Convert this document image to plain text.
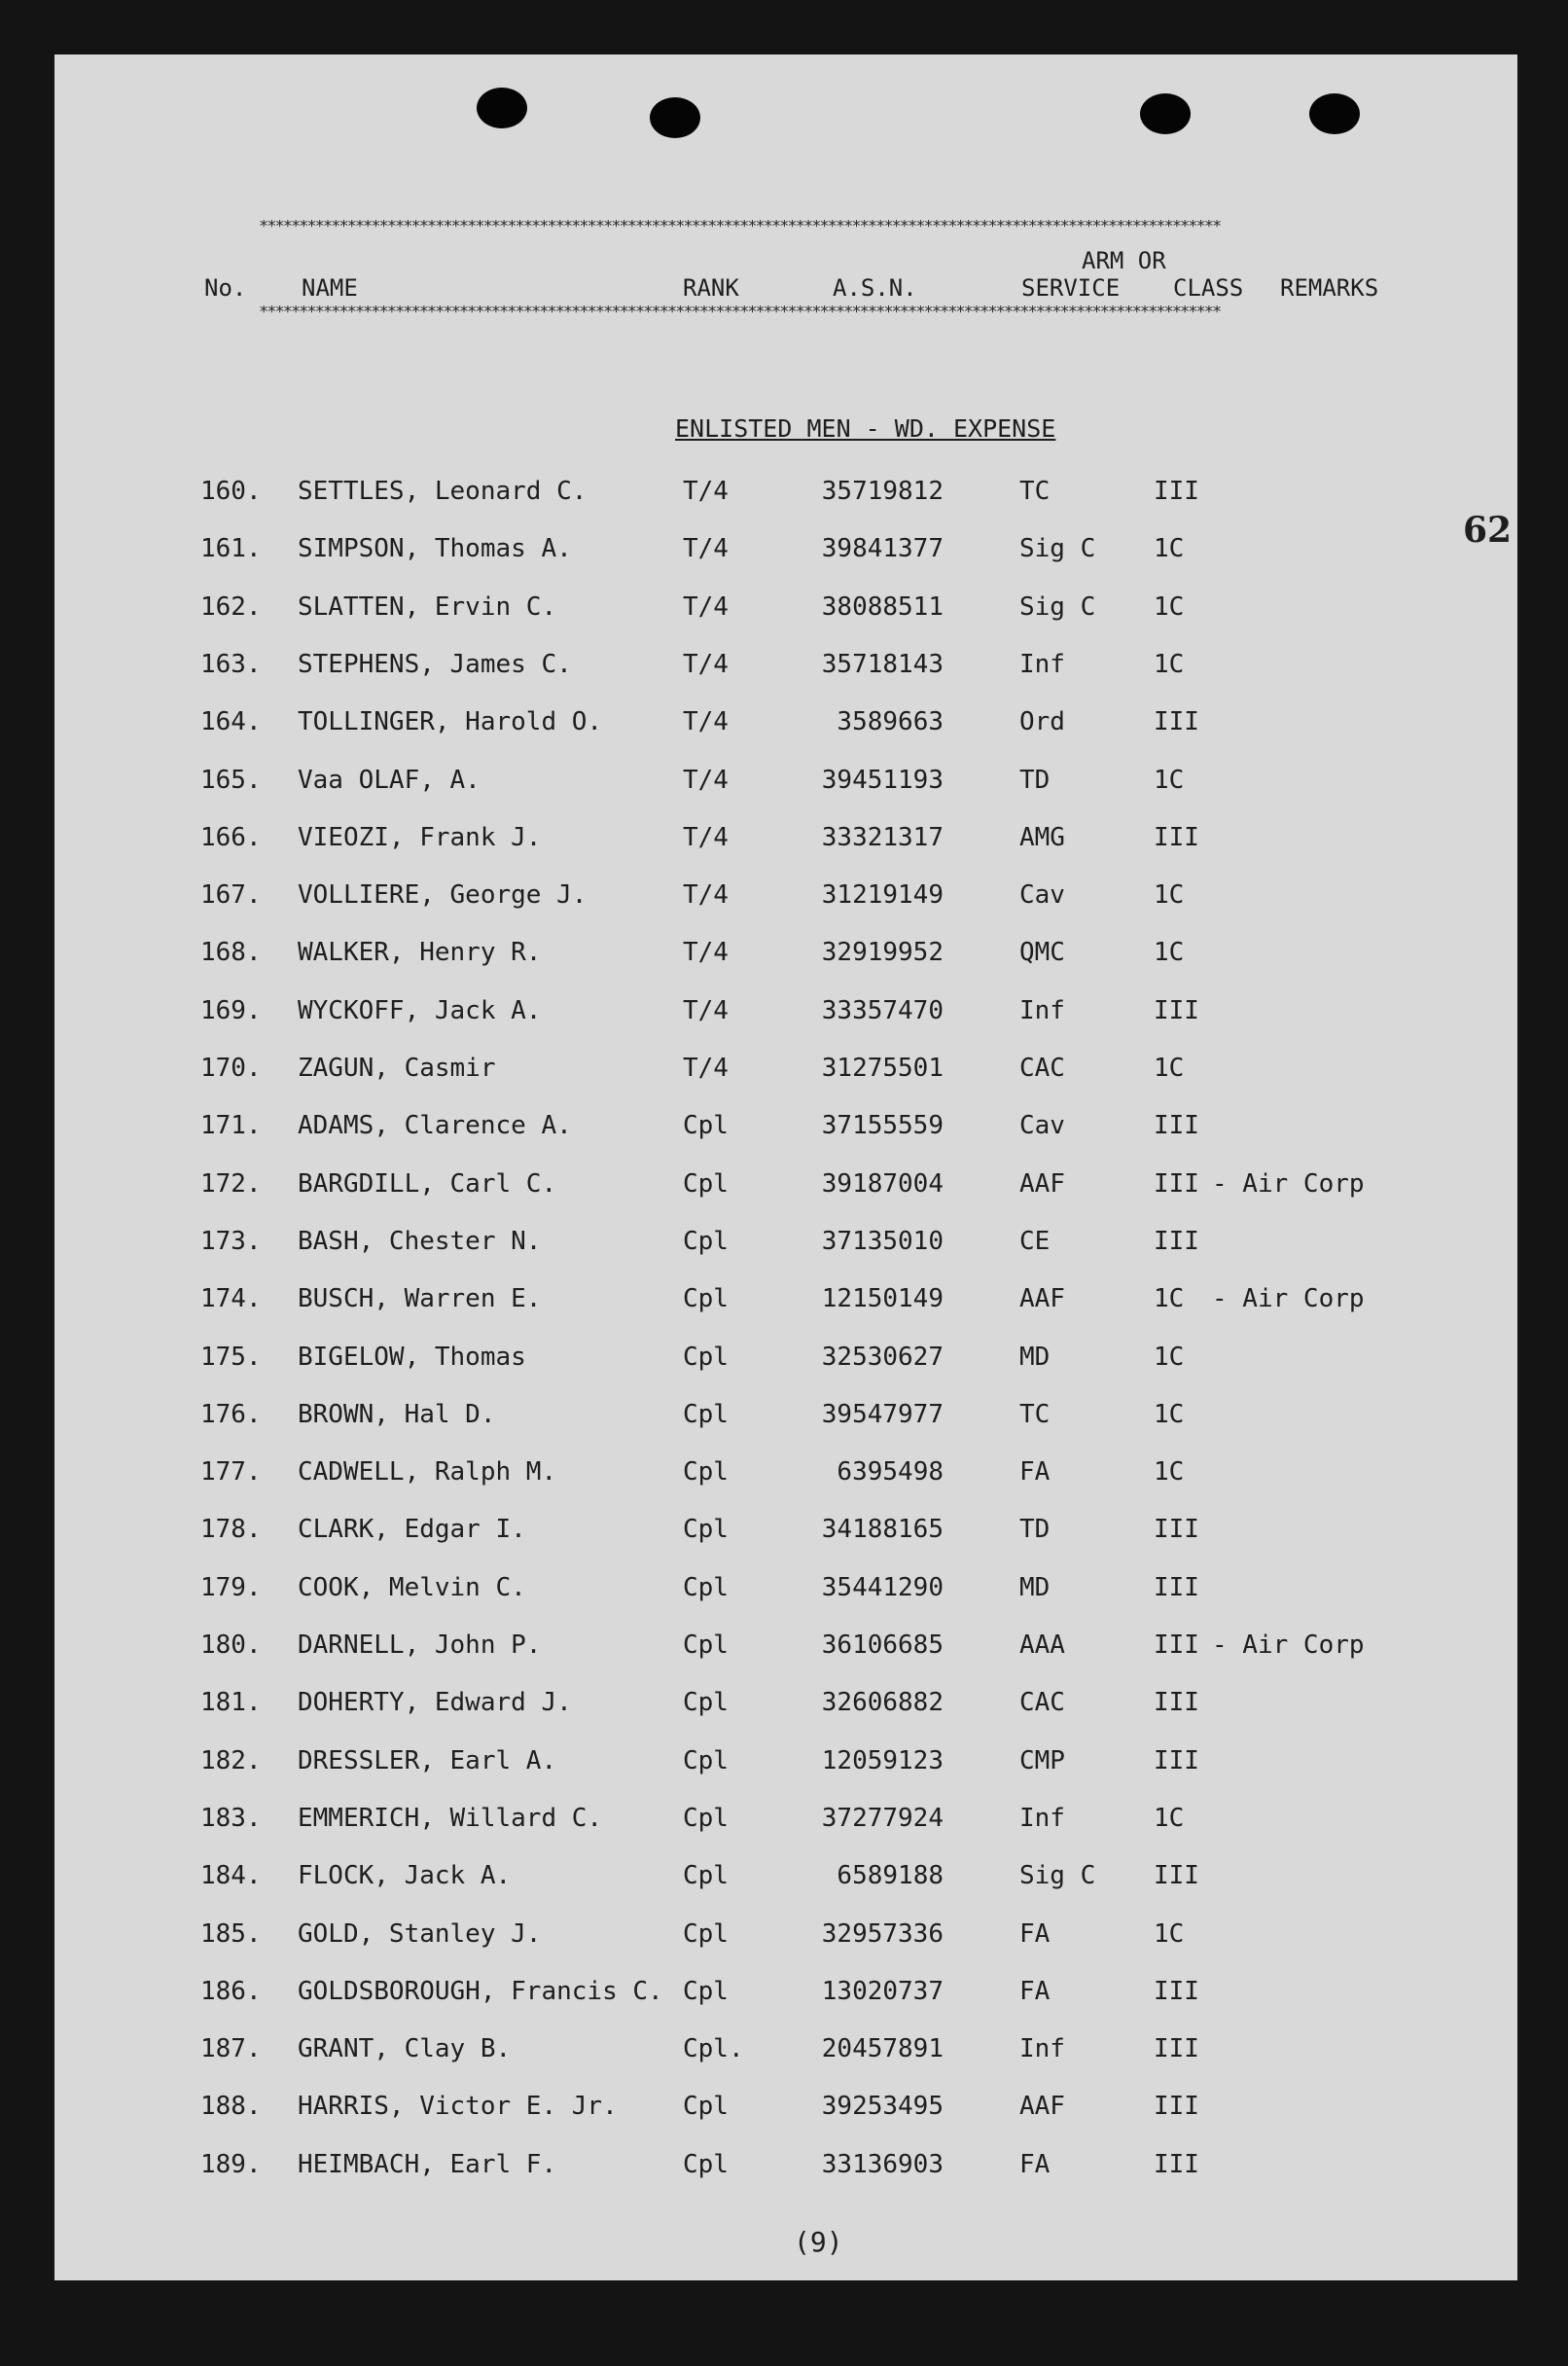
************************************************************************************************************************
ARM OR
No. NAME	RANK	A.S.N.	SERVICE CLASS REMARKS
************************************************************************************************************************
ENLISTED MEN - WD. EXPENSE
62
160. SETTLES, Leonard C.	T/4	35719812	TC	III
161. SIMPSON, Thomas A.	T/4	39841377	Sig C 1C
162. SLATTEN, Ervin C.	T/4	38088511	Sig C 1C
163. STEPHENS, James C.	T/4	35718143	Inf	1C
164. TOLLINGER, Harold O.	T/4	3589663	Ord	III
165. Vaa OLAF, A.	T/4	39451193	TD	1C
166. VIEOZI, Frank J.	T/4	33321317	AMG	III
167. VOLLIERE, George J.	T/4	31219149	Cav	1C
168. WALKER, Henry R.	T/4	32919952	QMC	1C
169. WYCKOFF, Jack A.	T/4	33357470	Inf	III
170. ZAGUN, Casmir	T/4	31275501	CAC	1C
171. ADAMS, Clarence A.	Cpl	37155559	Cav	III
172. BARGDILL, Carl C.	Cpl	39187004	AAF	III - Air Corp
173. BASH, Chester N.	Cpl	37135010	CE	III
174. BUSCH, Warren E.	Cpl	12150149	AAF	1C - Air Corp
175. BIGELOW, Thomas	Cpl	32530627	MD	1C
176. BROWN, Hal D.	Cpl	39547977	TC	1C
177. CADWELL, Ralph M.	Cpl	6395498	FA	1C
178. CLARK, Edgar I.	Cpl	34188165	TD	III
179. COOK, Melvin C.	Cpl	35441290	MD	III
180. DARNELL, John P.	Cpl	36106685	AAA	III - Air Corp
181. DOHERTY, Edward J.	Cpl	32606882	CAC	III
182. DRESSLER, Earl A.	Cpl	12059123	CMP	III
183. EMMERICH, Willard C.	Cpl	37277924	Inf	1C
184. FLOCK, Jack A.	Cpl	6589188	Sig C III
185. GOLD, Stanley J.	Cpl	32957336	FA	1C
186. GOLDSBOROUGH, Francis C. Cpl	13020737	FA	III
187. GRANT, Clay B.	Cpl.	20457891	Inf	III
188. HARRIS, Victor E. Jr.	Cpl	39253495	AAF	III
189. HEIMBACH, Earl F.	Cpl	33136903	FA	III
(9)
